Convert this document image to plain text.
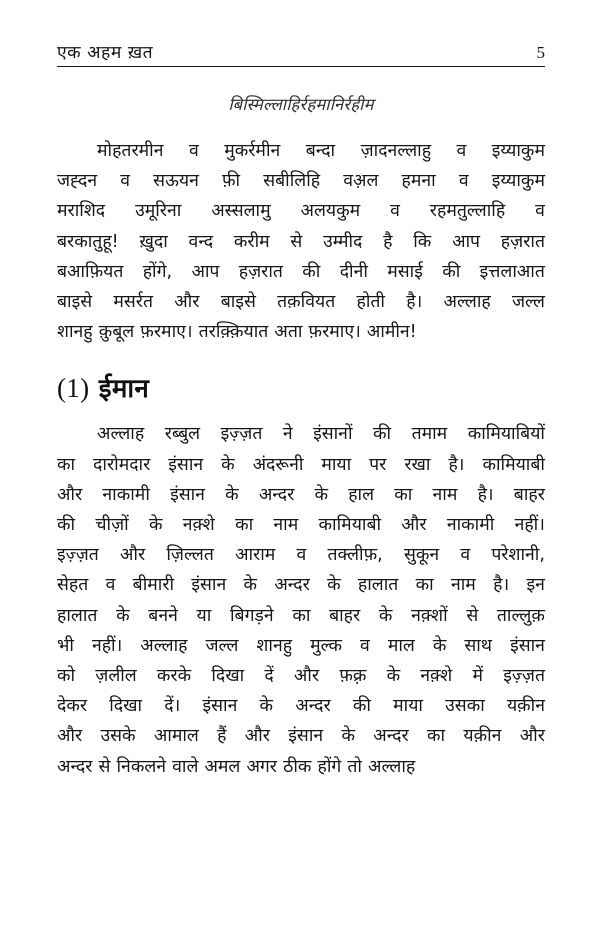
एक अहम ख़त	5
बिस्मिल्लाहिर्रहमानिर्रहीम
मोहतरमीन व मुकर्रमीन बन्दा ज़ादनल्लाहु व इय्याकुम
जह्दन व सऊयन फ़ी सबीलिहि वअ़ल हमना व इय्याकुम
मराशिद उमूरिना अस्सलामु अलयकुम व रहमतुल्लाहि व
बरकातुहू! ख़ुदा वन्द करीम से उम्मीद है कि आप हज़रात
बआफ़ियत होंगे, आप हज़रात की दीनी मसाई की इत्तलाआत
बाइसे मसर्रत और बाइसे तक़वियत होती है। अल्लाह जल्ल
शानहु क़ुबूल फ़रमाए। तरक़्क़ियात अता फ़रमाए। आमीन!
(1) ईमान
अल्लाह रब्बुल इज़्ज़त ने इंसानों की तमाम कामियाबियों
का दारोमदार इंसान के अंदरूनी माया पर रखा है। कामियाबी
और नाकामी इंसान के अन्दर के हाल का नाम है। बाहर
की चीज़ों के नक़्शे का नाम कामियाबी और नाकामी नहीं।
इज़्ज़त और ज़िल्लत आराम व तक्लीफ़, सुकून व परेशानी,
सेहत व बीमारी इंसान के अन्दर के हालात का नाम है। इन
हालात के बनने या बिगड़ने का बाहर के नक़्शों से ताल्लुक़
भी नहीं। अल्लाह जल्ल शानहु मुल्क व माल के साथ इंसान
को ज़लील करके दिखा दें और फ़क़्र के नक़्शे में इज़्ज़त
देकर दिखा दें। इंसान के अन्दर की माया उसका यक़ीन
और उसके आमाल हैं और इंसान के अन्दर का यक़ीन और
अन्दर से निकलने वाले अमल अगर ठीक होंगे तो अल्लाह
